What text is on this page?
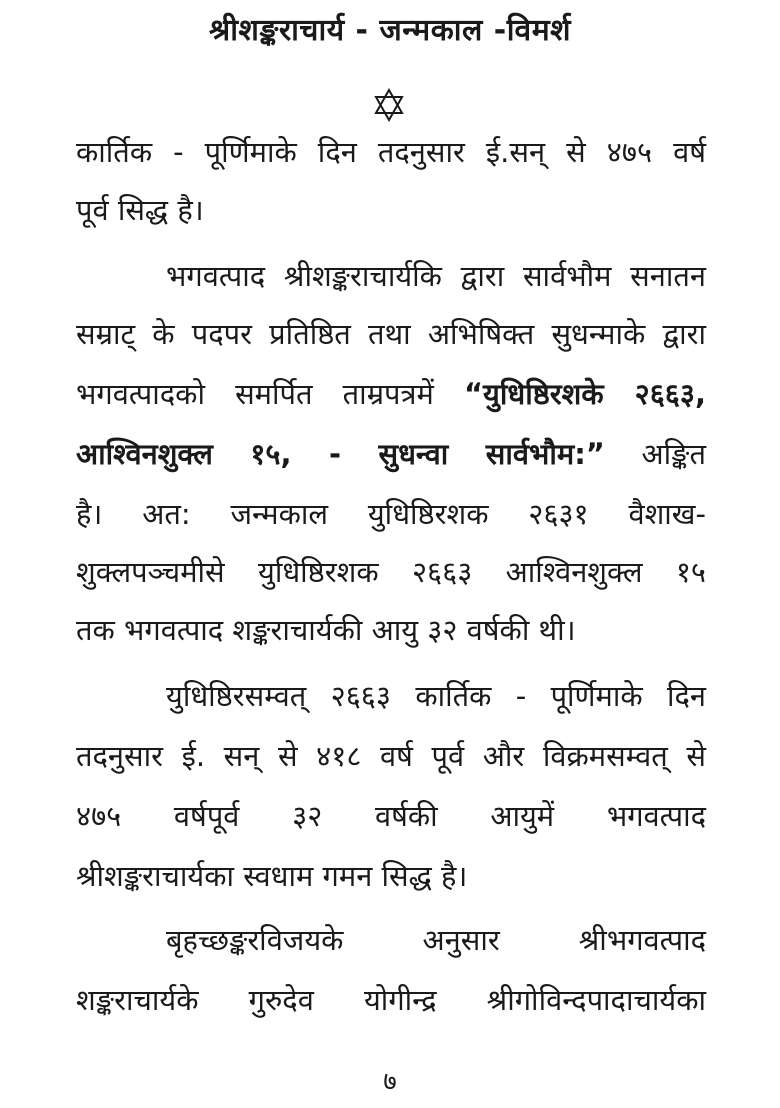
श्रीशङ्कराचार्य - जन्मकाल -विमर्श
कार्तिक - पूर्णिमाके दिन तदनुसार ई.सन् से ४७५ वर्ष
पूर्व सिद्ध है।
भगवत्पाद श्रीशङ्कराचार्यकि द्वारा सार्वभौम सनातन
सम्राट् के पदपर प्रतिष्ठित तथा अभिषिक्त सुधन्माके द्वारा
भगवत्पादको समर्पित ताम्रपत्रमें “युधिष्ठिरशके २६६३,
आश्विनशुक्ल १५, - सुधन्वा सार्वभौम:” अङ्कित
है। अत: जन्मकाल युधिष्ठिरशक २६३१ वैशाख-
शुक्लपञ्चमीसे युधिष्ठिरशक २६६३ आश्विनशुक्ल १५
तक भगवत्पाद शङ्कराचार्यकी आयु ३२ वर्षकी थी।
युधिष्ठिरसम्वत् २६६३ कार्तिक - पूर्णिमाके दिन
तदनुसार ई. सन् से ४१८ वर्ष पूर्व और विक्रमसम्वत् से
४७५ वर्षपूर्व ३२ वर्षकी आयुमें भगवत्पाद
श्रीशङ्कराचार्यका स्वधाम गमन सिद्ध है।
बृहच्छङ्करविजयके अनुसार श्रीभगवत्पाद
शङ्कराचार्यके गुरुदेव योगीन्द्र श्रीगोविन्दपादाचार्यका
७
